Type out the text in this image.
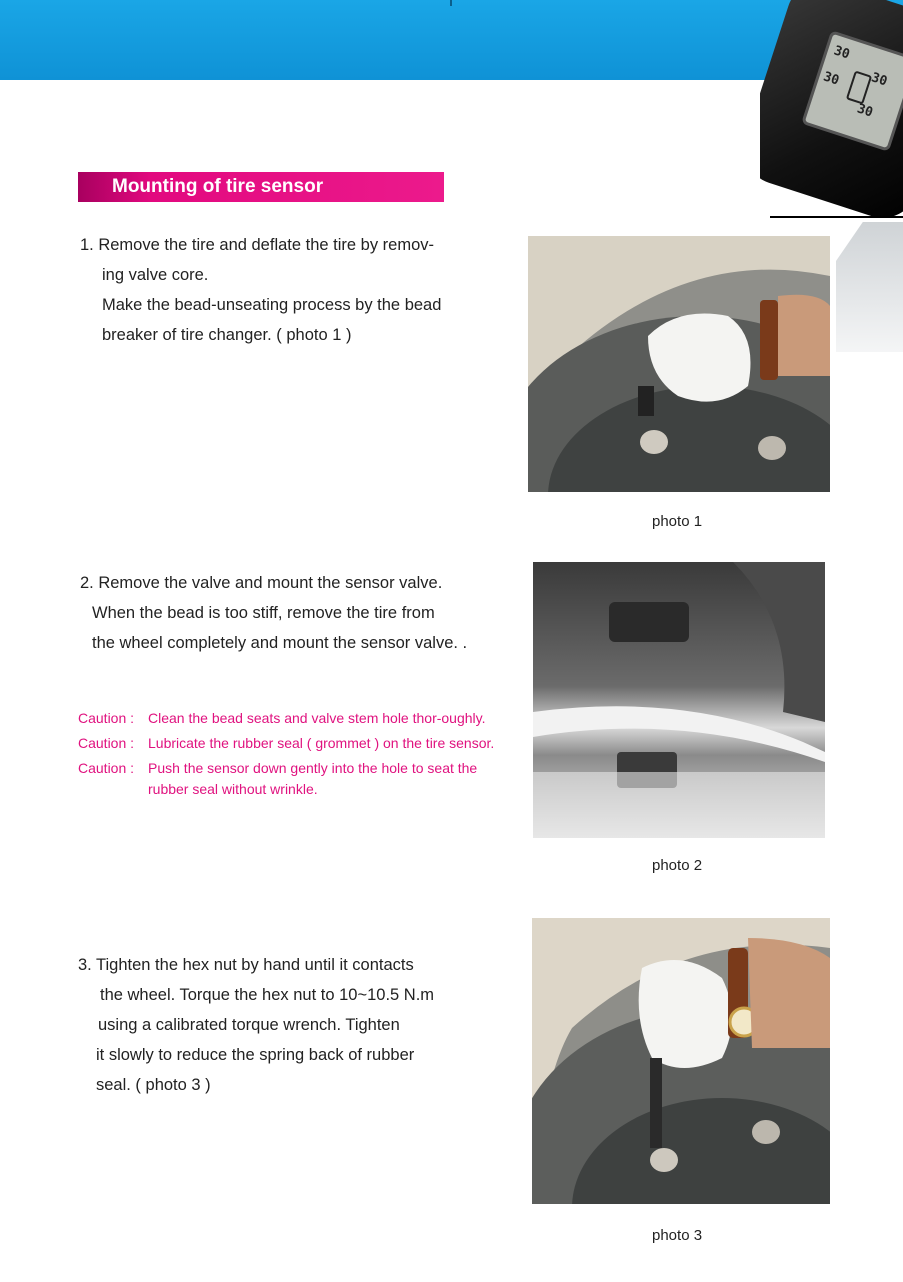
30
30
30
30
Mounting of tire sensor
1. Remove the tire and deflate the tire by remov-
ing valve core.
Make the bead-unseating process by the bead
breaker of tire changer. ( photo 1 )
photo 1
2. Remove the valve and mount the sensor valve.
When the bead is too stiff, remove the tire from
the wheel completely and mount the sensor valve. .
Caution : Clean the bead seats and valve stem hole thor-oughly.
Caution : Lubricate the rubber seal ( grommet ) on the tire sensor.
Caution : Push the sensor down gently into the hole to seat the rubber seal without wrinkle.
photo 2
3. Tighten the hex nut by hand until it contacts
the wheel. Torque the hex nut to 10~10.5 N.m
using a calibrated torque wrench. Tighten
it slowly to reduce the spring back of rubber
seal. ( photo 3 )
photo 3
